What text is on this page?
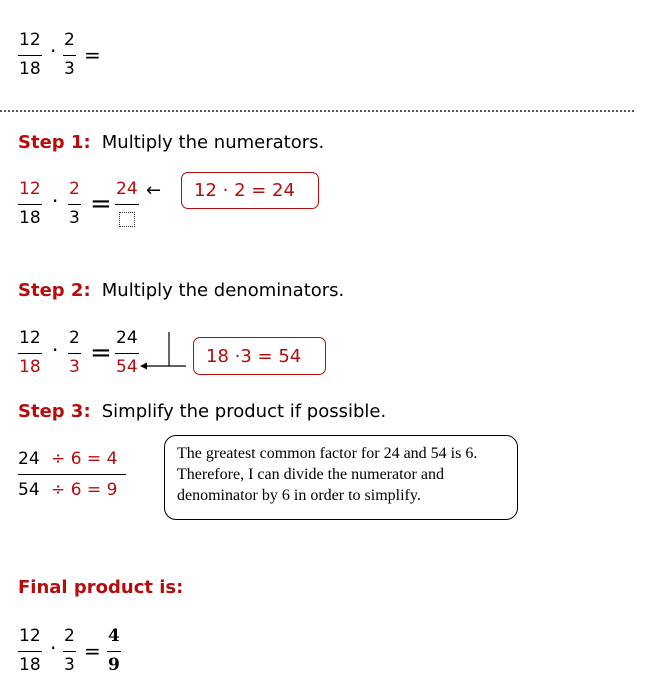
12
18
· 2
3
=
Step 1: Multiply the numerators.
12
18
· 2
3 = 24 ← 12 · 2 = 24
Step 2: Multiply the denominators.
12
18
· 2
3 = 24
54
18 ·3 = 54
Step 3: Simplify the product if possible.
24 ÷ 6 = 4
54 ÷ 6 = 9
The greatest common factor for 24 and 54 is 6. Therefore, I can divide the numerator and denominator by 6 in order to simplify.
Final product is:
12
18
· 2
3
=
4
9
